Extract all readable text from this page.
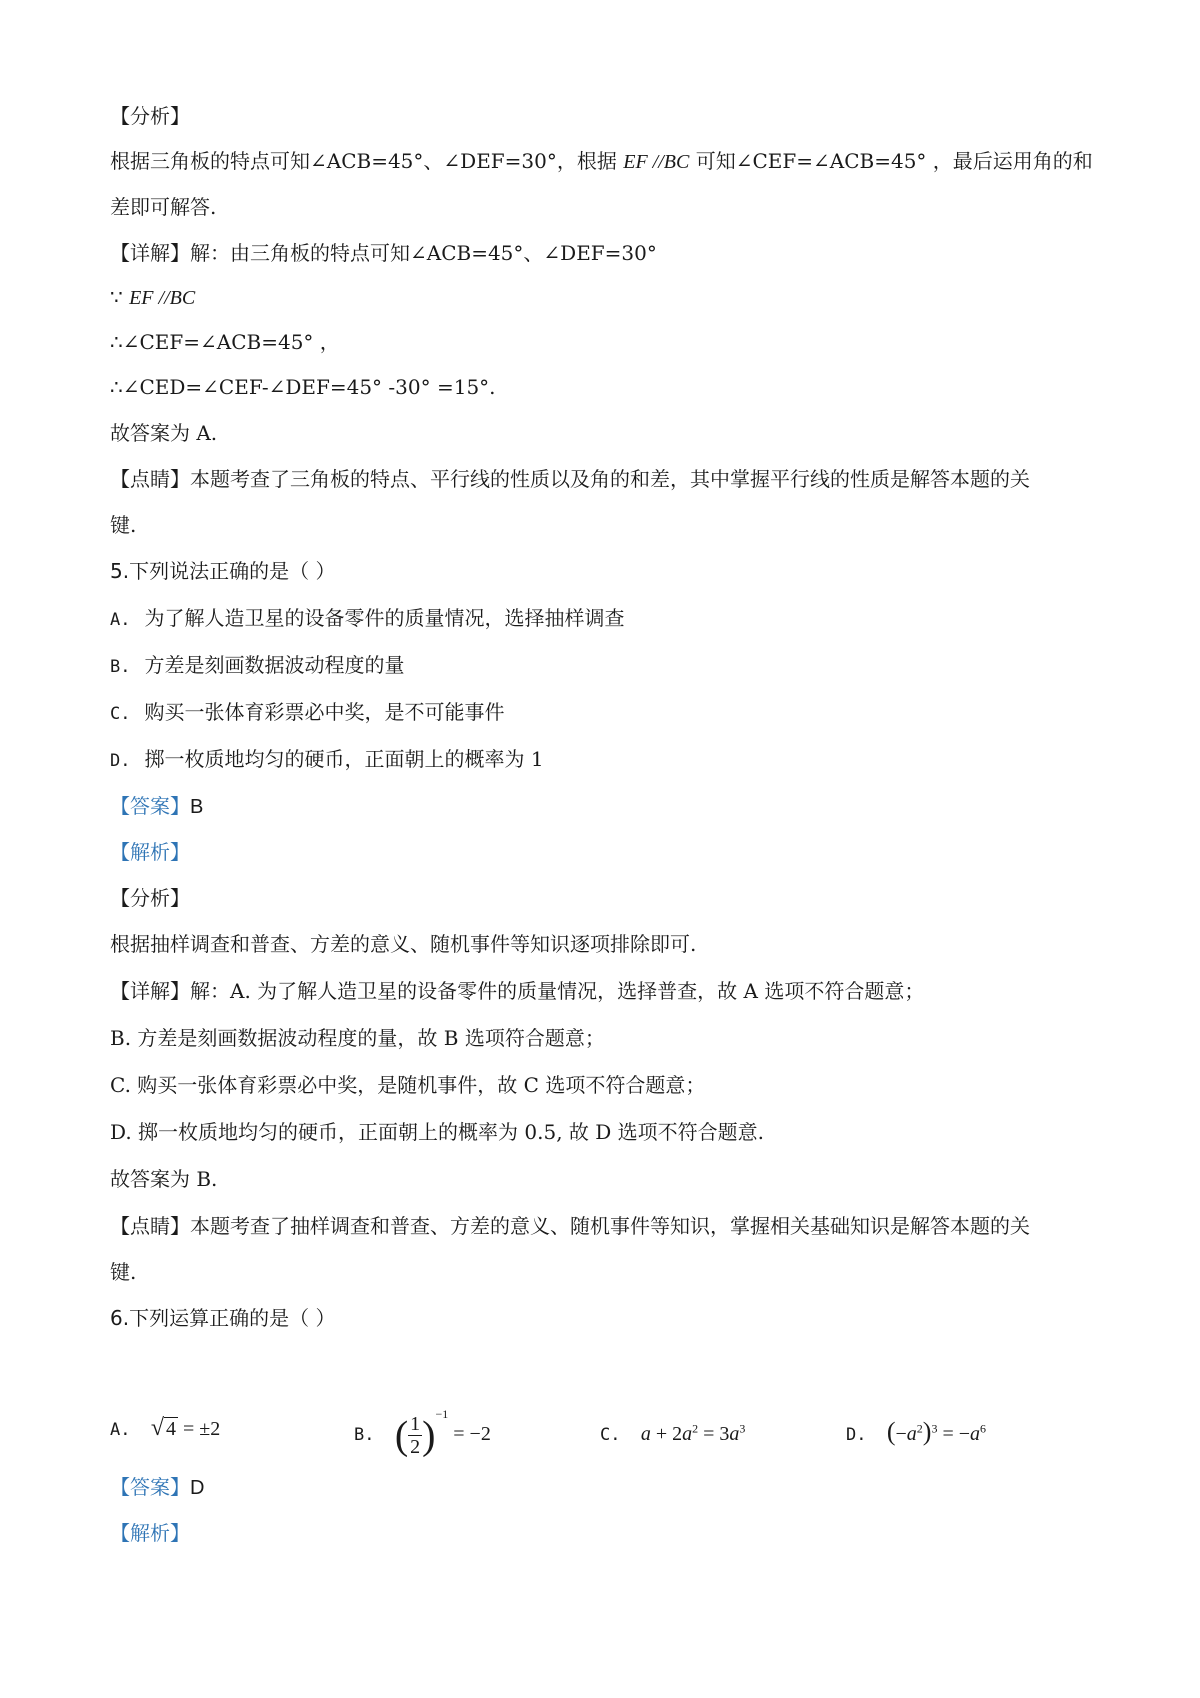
【分析】
根据三角板的特点可知∠ACB=45°、∠DEF=30°，根据 EF //BC 可知∠CEF=∠ACB=45° ，最后运用角的和
差即可解答.
【详解】解：由三角板的特点可知∠ACB=45°、∠DEF=30°
∵ EF //BC
∴∠CEF=∠ACB=45° ，
∴∠CED=∠CEF-∠DEF=45° -30° =15°.
故答案为 A.
【点睛】本题考查了三角板的特点、平行线的性质以及角的和差，其中掌握平行线的性质是解答本题的关
键.
5.下列说法正确的是（ ）
A. 为了解人造卫星的设备零件的质量情况，选择抽样调查
B. 方差是刻画数据波动程度的量
C. 购买一张体育彩票必中奖，是不可能事件
D. 掷一枚质地均匀的硬币，正面朝上的概率为 1
【答案】B
【解析】
【分析】
根据抽样调查和普查、方差的意义、随机事件等知识逐项排除即可.
【详解】解：A. 为了解人造卫星的设备零件的质量情况，选择普查，故 A 选项不符合题意；
B. 方差是刻画数据波动程度的量，故 B 选项符合题意；
C. 购买一张体育彩票必中奖，是随机事件，故 C 选项不符合题意；
D. 掷一枚质地均匀的硬币，正面朝上的概率为 0.5, 故 D 选项不符合题意.
故答案为 B.
【点睛】本题考查了抽样调查和普查、方差的意义、随机事件等知识，掌握相关基础知识是解答本题的关
键.
6.下列运算正确的是（ ）
A. √ 4 = ±2	B. ( $\frac{1}{2} )^{-1} = -2$	C. $a + 2a^2 = 3a^3$	D. $(-a^2)^3 = -a^6$
【答案】D
【解析】
